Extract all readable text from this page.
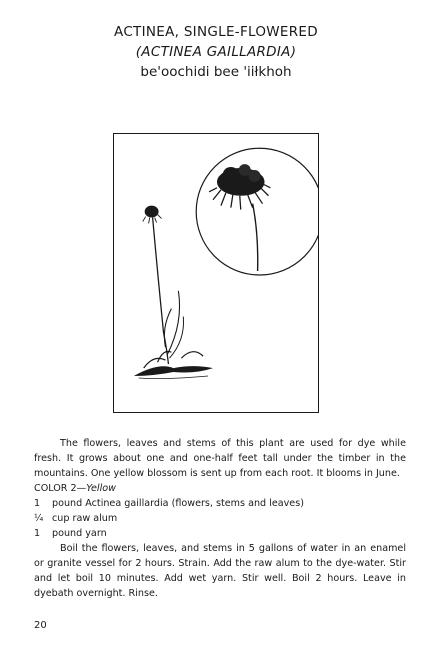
ACTINEA, SINGLE-FLOWERED
(ACTINEA GAILLARDIA)
be'oochidi bee 'iiłkhoh

The flowers, leaves and stems of this plant are used for dye while fresh. It grows about one and one-half feet tall under the timber in the mountains. One yellow blossom is sent up from each root. It blooms in June.

COLOR 2—Yellow

1	pound Actinea gaillardia (flowers, stems and leaves)
¼ cup raw alum
1	pound yarn

Boil the flowers, leaves, and stems in 5 gallons of water in an enamel or granite vessel for 2 hours. Strain. Add the raw alum to the dye-water. Stir and let boil 10 minutes. Add wet yarn. Stir well. Boil 2 hours. Leave in dyebath overnight. Rinse.

20
